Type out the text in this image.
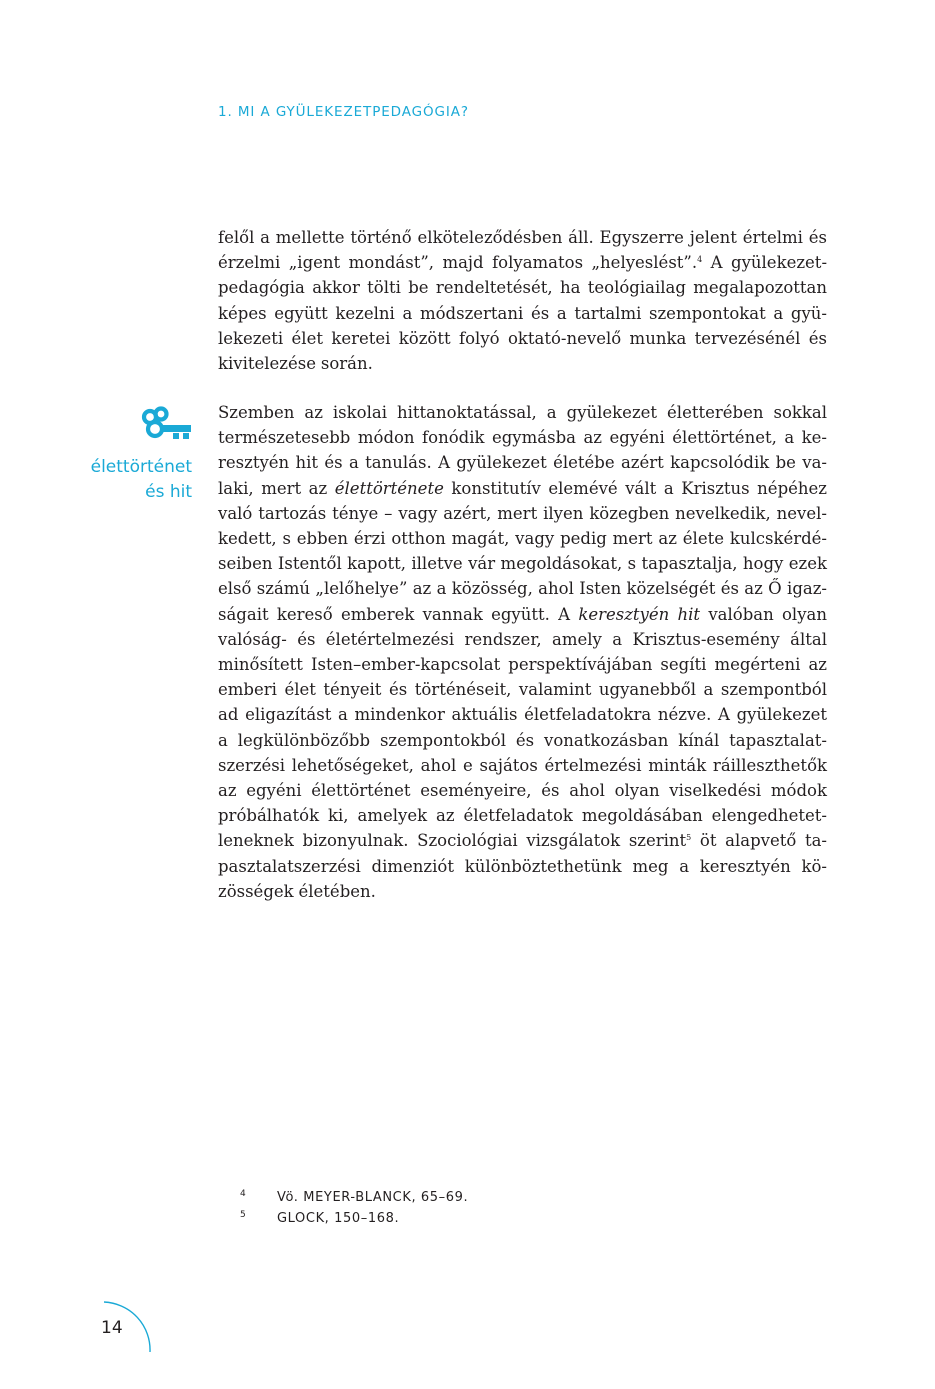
1. MI A GYÜLEKEZETPEDAGÓGIA?

felől a mellette történő elköteleződésben áll. Egyszerre jelent értelmi és érzelmi „igent mondást”, majd folyamatos „helyeslést”.$^4$ A gyülekezetpedagógia akkor tölti be rendeltetését, ha teológiailag megalapozottan képes együtt kezelni a módszertani és a tartalmi szempontokat a gyülekezeti élet keretei között folyó oktató-nevelő munka tervezésénél és kivitelezése során.

élettörténet
és hit

Szemben az iskolai hittanoktatással, a gyülekezet életterében sokkal természetesebb módon fonódik egymásba az egyéni élettörténet, a keresztyén hit és a tanulás. A gyülekezet életébe azért kapcsolódik be valaki, mert az élettörténete konstitutív elemévé vált a Krisztus népéhez való tartozás ténye – vagy azért, mert ilyen közegben nevelkedik, nevelkedett, s ebben érzi otthon magát, vagy pedig mert az élete kulcskérdéseiben Istentől kapott, illetve vár megoldásokat, s tapasztalja, hogy ezek első számú „lelőhelye” az a közösség, ahol Isten közelségét és az Ő igazságait kereső emberek vannak együtt. A keresztyén hit valóban olyan valóság- és életértelmezési rendszer, amely a Krisztus-esemény által minősített Isten–ember-kapcsolat perspektívájában segíti megérteni az emberi élet tényeit és történéseit, valamint ugyanebből a szempontból ad eligazítást a mindenkor aktuális életfeladatokra nézve. A gyülekezet a legkülönbözőbb szempontokból és vonatkozásban kínál tapasztalatszerzési lehetőségeket, ahol e sajátos értelmezési minták ráilleszthetők az egyéni élettörténet eseményeire, és ahol olyan viselkedési módok próbálhatók ki, amelyek az életfeladatok megoldásában elengedhetetleneknek bizonyulnak. Szociológiai vizsgálatok szerint$^5$ öt alapvető tapasztalatszerzési dimenziót különböztethetünk meg a keresztyén közösségek életében.

4	Vö. MEYER-BLANCK, 65–69.
5	GLOCK, 150–168.
14
